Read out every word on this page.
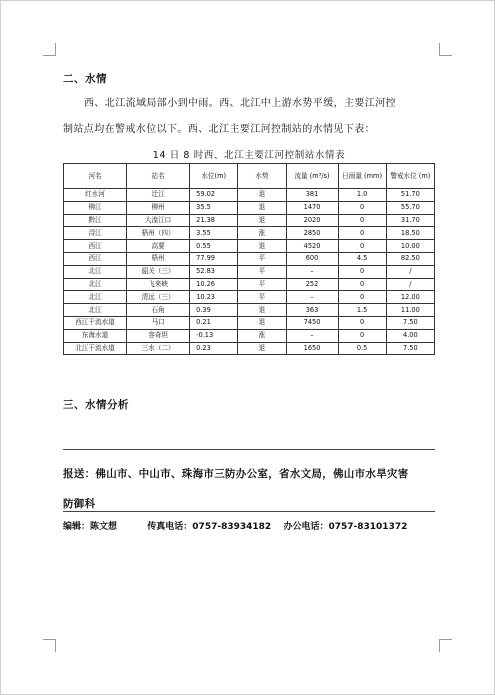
二、水情
西、北江流域局部小到中雨。西、北江中上游水势平缓，主要江河控
制站点均在警戒水位以下。西、北江主要江河控制站的水情见下表：
14 日 8 时西、北江主要江河控制站水情表
河名	站名	水位(m)	水势	流量 (m³/s)	日雨量 (mm)	警戒水位 (m)
红水河	迁江	59.02	退	381	1.0	51.70
柳江	柳州	35.5	退	1470	0	55.70
黔江	大湟江口	21.38	退	2020	0	31.70
浔江	梧州（四）	3.55	涨	2850	0	18.50
西江	高要	0.55	退	4520	0	10.00
西江	梧州	77.99	平	600	4.5	82.50
北江	韶关（三）	52.83	平	–	0	/
北江	飞来峡	10.26	平	252	0	/
北江	清远（三）	10.23	平	–	0	12.00
北江	石角	0.39	退	363	1.5	11.00
西江干流水道	马口	0.21	退	7450	0	7.50
东海水道	容奇坦	-0.13	涨	–	0	4.00
北江干流水道	三水（二）	0.23	退	1650	0.5	7.50
三、水情分析
报送：佛山市、中山市、珠海市三防办公室，省水文局，佛山市水旱灾害
防御科
编辑：陈文想	传真电话：0757-83934182 办公电话：0757-83101372
